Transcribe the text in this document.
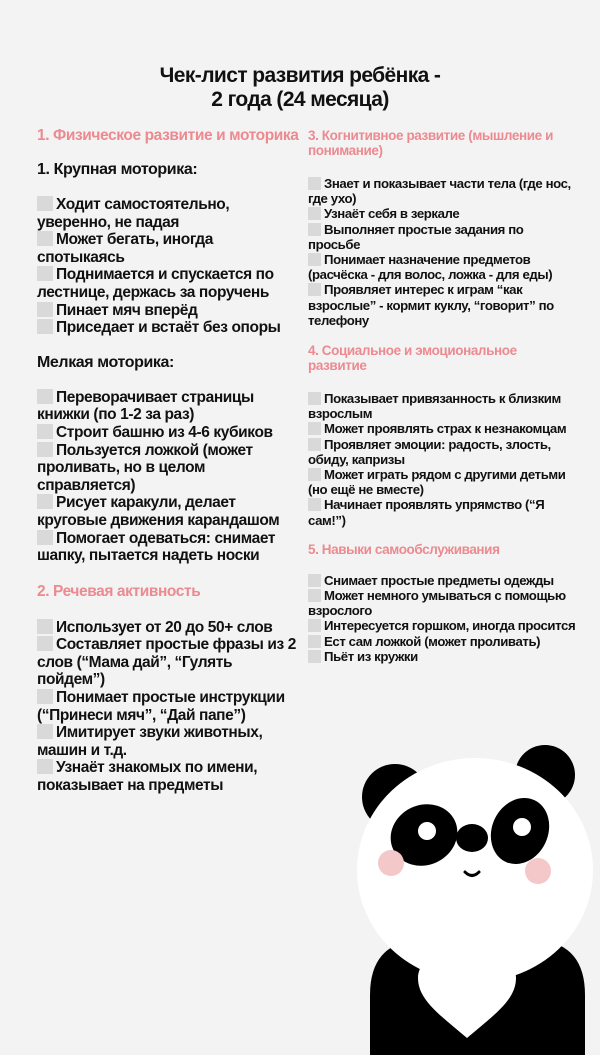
Чек-лист развития ребёнка -
2 года (24 месяца)
1. Физическое развитие и моторика
1. Крупная моторика:
Ходит самостоятельно, уверенно, не падая
Может бегать, иногда спотыкаясь
Поднимается и спускается по лестнице, держась за поручень
Пинает мяч вперёд
Приседает и встаёт без опоры
Мелкая моторика:
Переворачивает страницы книжки (по 1-2 за раз)
Строит башню из 4-6 кубиков
Пользуется ложкой (может проливать, но в целом справляется)
Рисует каракули, делает круговые движения карандашом
Помогает одеваться: снимает шапку, пытается надеть носки
2. Речевая активность
Использует от 20 до 50+ слов
Составляет простые фразы из 2 слов (“Мама дай”, “Гулять пойдем”)
Понимает простые инструкции (“Принеси мяч”, “Дай папе”)
Имитирует звуки животных, машин и т.д.
Узнаёт знакомых по имени, показывает на предметы
3. Когнитивное развитие (мышление и понимание)
Знает и показывает части тела (где нос, где ухо)
Узнаёт себя в зеркале
Выполняет простые задания по просьбе
Понимает назначение предметов (расчёска - для волос, ложка - для еды)
Проявляет интерес к играм “как взрослые” - кормит куклу, “говорит” по телефону
4. Социальное и эмоциональное развитие
Показывает привязанность к близким взрослым
Может проявлять страх к незнакомцам
Проявляет эмоции: радость, злость, обиду, капризы
Может играть рядом с другими детьми (но ещё не вместе)
Начинает проявлять упрямство (“Я сам!”)
5. Навыки самообслуживания
Снимает простые предметы одежды
Может немного умываться с помощью взрослого
Интересуется горшком, иногда просится
Ест сам ложкой (может проливать)
Пьёт из кружки
